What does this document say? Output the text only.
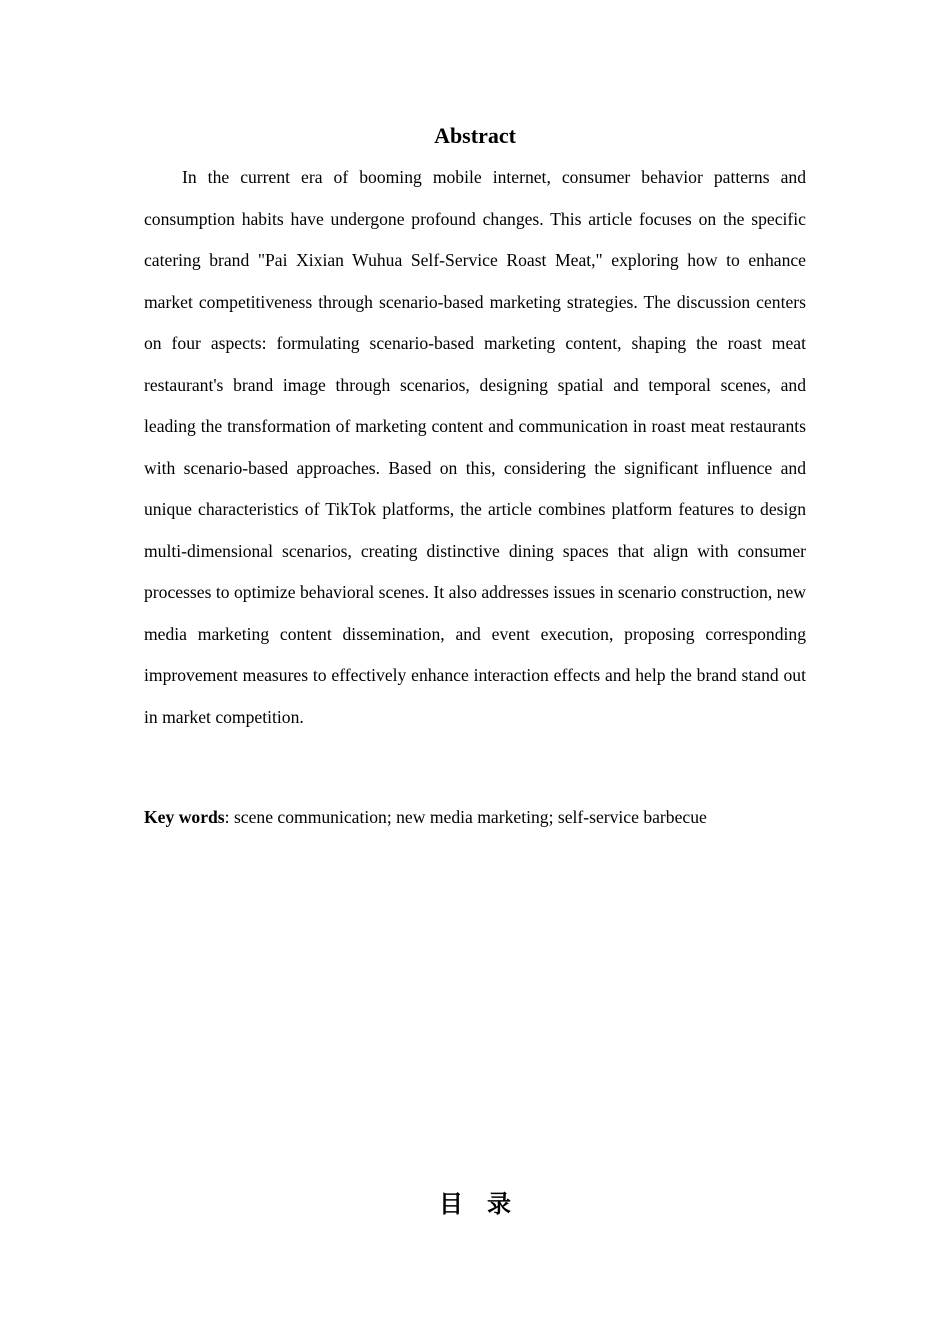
Abstract

In the current era of booming mobile internet, consumer behavior patterns and consumption habits have undergone profound changes. This article focuses on the specific catering brand "Pai Xixian Wuhua Self-Service Roast Meat," exploring how to enhance market competitiveness through scenario-based marketing strategies. The discussion centers on four aspects: formulating scenario-based marketing content, shaping the roast meat restaurant's brand image through scenarios, designing spatial and temporal scenes, and leading the transformation of marketing content and communication in roast meat restaurants with scenario-based approaches. Based on this, considering the significant influence and unique characteristics of TikTok platforms, the article combines platform features to design multi-dimensional scenarios, creating distinctive dining spaces that align with consumer processes to optimize behavioral scenes. It also addresses issues in scenario construction, new media marketing content dissemination, and event execution, proposing corresponding improvement measures to effectively enhance interaction effects and help the brand stand out in market competition.

Key words: scene communication; new media marketing; self-service barbecue

目录
